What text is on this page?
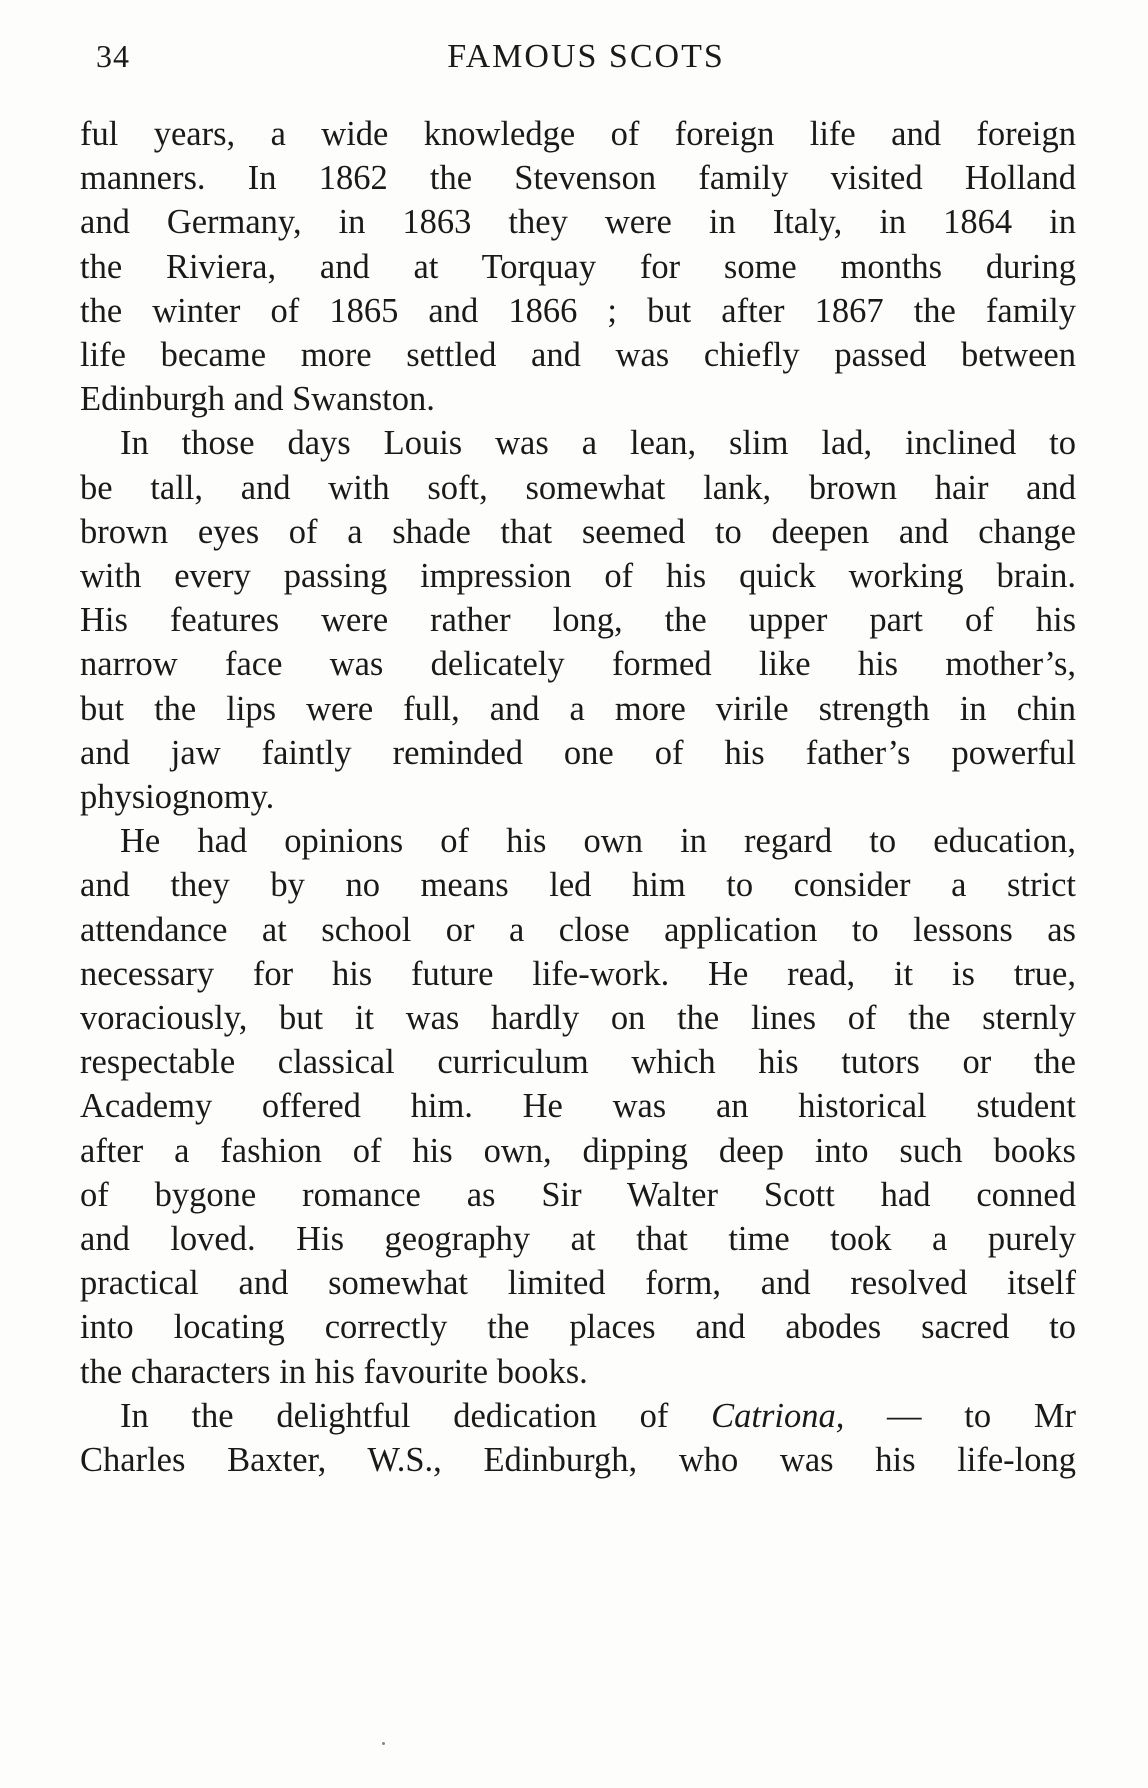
34	FAMOUS SCOTS

ful years, a wide knowledge of foreign life and foreign
manners. In 1862 the Stevenson family visited Holland
and Germany, in 1863 they were in Italy, in 1864 in
the Riviera, and at Torquay for some months during
the winter of 1865 and 1866 ; but after 1867 the family
life became more settled and was chiefly passed between
Edinburgh and Swanston.

In those days Louis was a lean, slim lad, inclined to
be tall, and with soft, somewhat lank, brown hair and
brown eyes of a shade that seemed to deepen and change
with every passing impression of his quick working brain.
His features were rather long, the upper part of his
narrow face was delicately formed like his mother’s,
but the lips were full, and a more virile strength in chin
and jaw faintly reminded one of his father’s powerful
physiognomy.

He had opinions of his own in regard to education,
and they by no means led him to consider a strict
attendance at school or a close application to lessons as
necessary for his future life-work. He read, it is true,
voraciously, but it was hardly on the lines of the sternly
respectable classical curriculum which his tutors or the
Academy offered him. He was an historical student
after a fashion of his own, dipping deep into such books
of bygone romance as Sir Walter Scott had conned
and loved. His geography at that time took a purely
practical and somewhat limited form, and resolved itself
into locating correctly the places and abodes sacred to
the characters in his favourite books.

In the delightful dedication of Catriona, — to Mr
Charles Baxter, W.S., Edinburgh, who was his life-long
